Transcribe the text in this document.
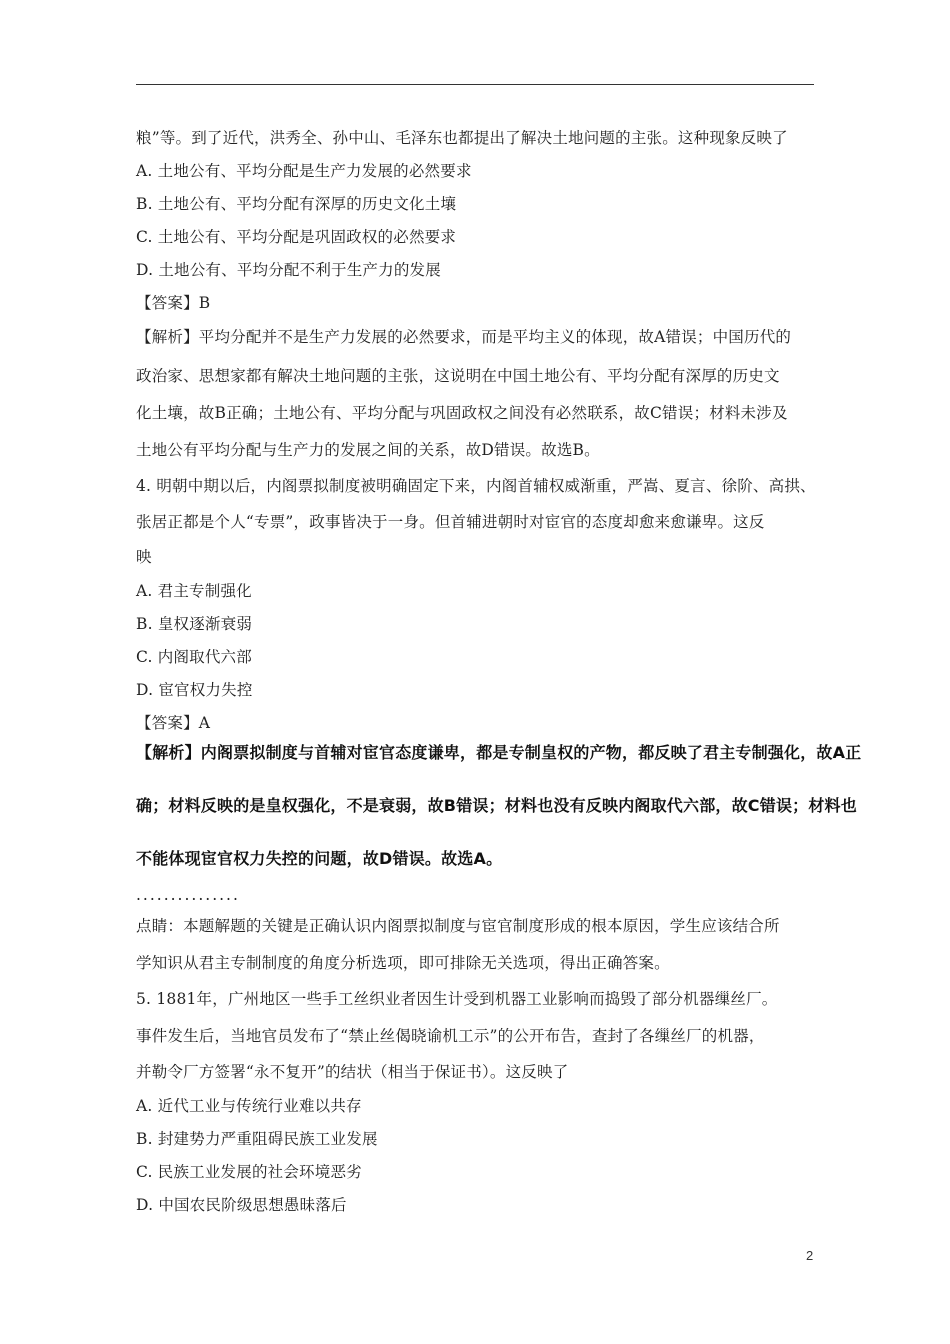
粮”等。到了近代，洪秀全、孙中山、毛泽东也都提出了解决土地问题的主张。这种现象反映了
A. 土地公有、平均分配是生产力发展的必然要求
B. 土地公有、平均分配有深厚的历史文化土壤
C. 土地公有、平均分配是巩固政权的必然要求
D. 土地公有、平均分配不利于生产力的发展
【答案】B
【解析】平均分配并不是生产力发展的必然要求，而是平均主义的体现，故A错误；中国历代的
政治家、思想家都有解决土地问题的主张，这说明在中国土地公有、平均分配有深厚的历史文
化土壤，故B正确；土地公有、平均分配与巩固政权之间没有必然联系，故C错误；材料未涉及
土地公有平均分配与生产力的发展之间的关系，故D错误。故选B。
4. 明朝中期以后，内阁票拟制度被明确固定下来，内阁首辅权威渐重，严嵩、夏言、徐阶、高拱、
张居正都是个人“专票”，政事皆决于一身。但首辅进朝时对宦官的态度却愈来愈谦卑。这反
映
A. 君主专制强化
B. 皇权逐渐衰弱
C. 内阁取代六部
D. 宦官权力失控
【答案】A
【解析】内阁票拟制度与首辅对宦官态度谦卑，都是专制皇权的产物，都反映了君主专制强化，故A正
确；材料反映的是皇权强化，不是衰弱，故B错误；材料也没有反映内阁取代六部，故C错误；材料也
不能体现宦官权力失控的问题，故D错误。故选A。
...............
点睛：本题解题的关键是正确认识内阁票拟制度与宦官制度形成的根本原因，学生应该结合所
学知识从君主专制制度的角度分析选项，即可排除无关选项，得出正确答案。
5. 1881年，广州地区一些手工丝织业者因生计受到机器工业影响而捣毁了部分机器缫丝厂。
事件发生后，当地官员发布了“禁止丝偈晓谕机工示”的公开布告，查封了各缫丝厂的机器，
并勒令厂方签署“永不复开”的结状（相当于保证书）。这反映了
A. 近代工业与传统行业难以共存
B. 封建势力严重阻碍民族工业发展
C. 民族工业发展的社会环境恶劣
D. 中国农民阶级思想愚昧落后
2
